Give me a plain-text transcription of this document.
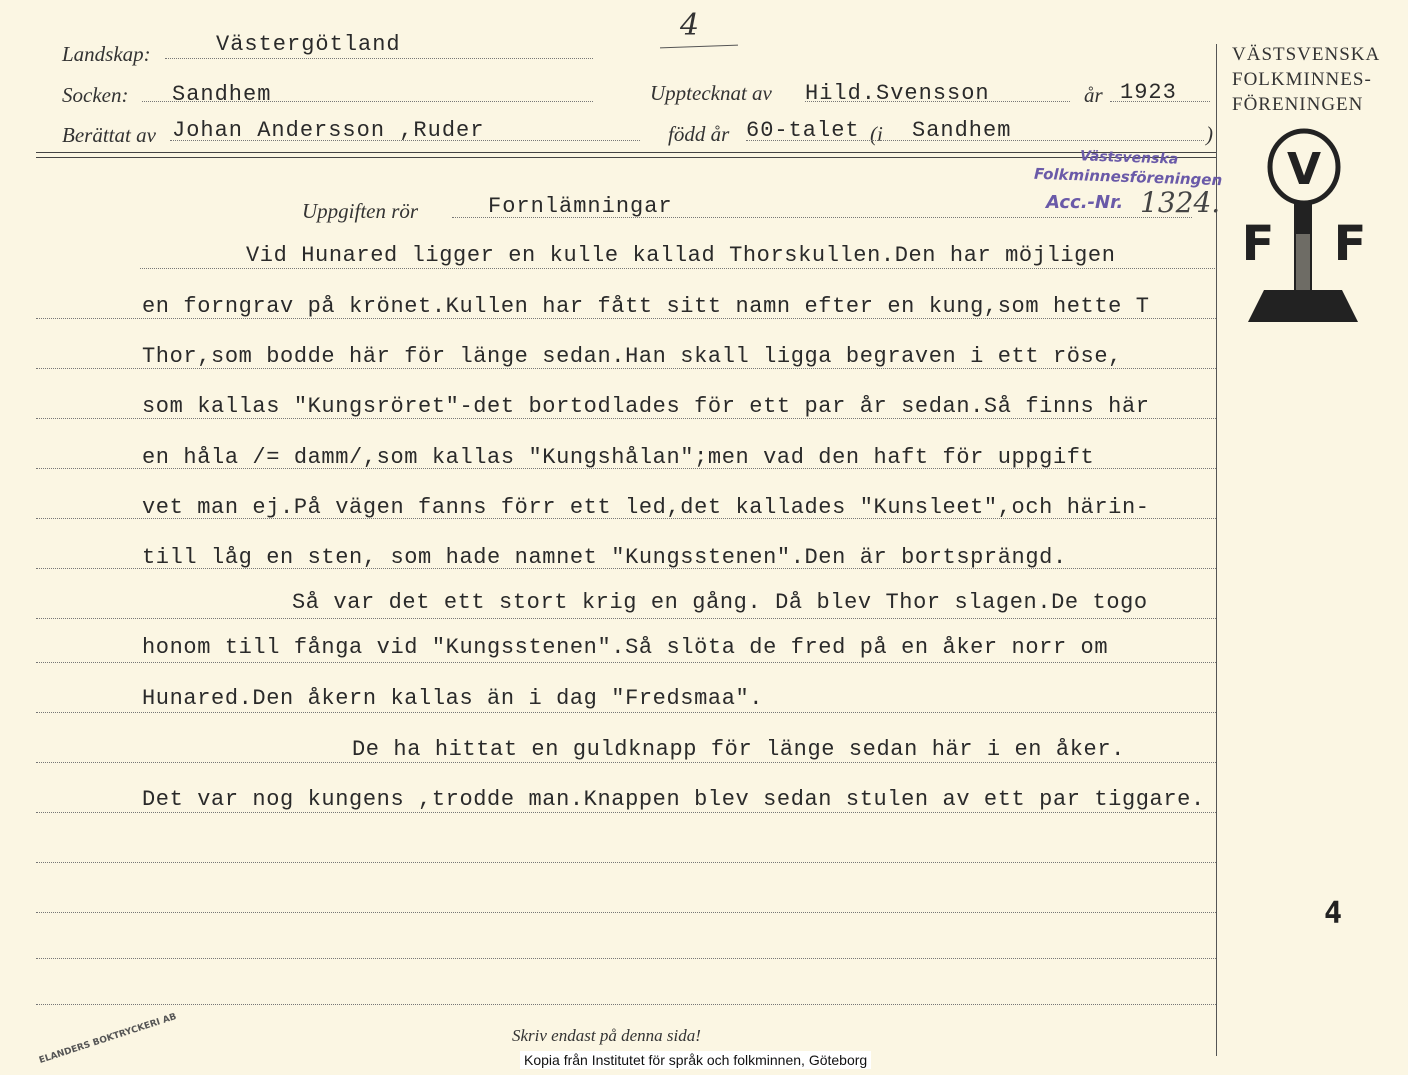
4
Landskap:	Västergötland
Socken: Sandhem	Upptecknat av Hild.Svensson	år 1923
Berättat av Johan Andersson ,Ruder	född år 60-talet (i Sandhem	)
VÄSTSVENSKA
FOLKMINNES-
FÖRENINGEN
V
F F
Västsvenska
Folkminnesföreningen
Acc.-Nr. 1324.
Uppgiften rör	Fornlämningar
Vid Hunared ligger en kulle kallad Thorskullen.Den har möjligen
en forngrav på krönet.Kullen har fått sitt namn efter en kung,som hette T
Thor,som bodde här för länge sedan.Han skall ligga begraven i ett röse,
som kallas "Kungsröret"-det bortodlades för ett par år sedan.Så finns här
en håla /= damm/,som kallas "Kungshålan";men vad den haft för uppgift
vet man ej.På vägen fanns förr ett led,det kallades "Kunsleet",och härin-
till låg en sten, som hade namnet "Kungsstenen".Den är bortsprängd.
Så var det ett stort krig en gång. Då blev Thor slagen.De togo
honom till fånga vid "Kungsstenen".Så slöta de fred på en åker norr om
Hunared.Den åkern kallas än i dag "Fredsmaa".
De ha hittat en guldknapp för länge sedan här i en åker.
Det var nog kungens ,trodde man.Knappen blev sedan stulen av ett par tiggare.
4
ELANDERS BOKTRYCKERI AB	Skriv endast på denna sida!
Kopia från Institutet för språk och folkminnen, Göteborg
